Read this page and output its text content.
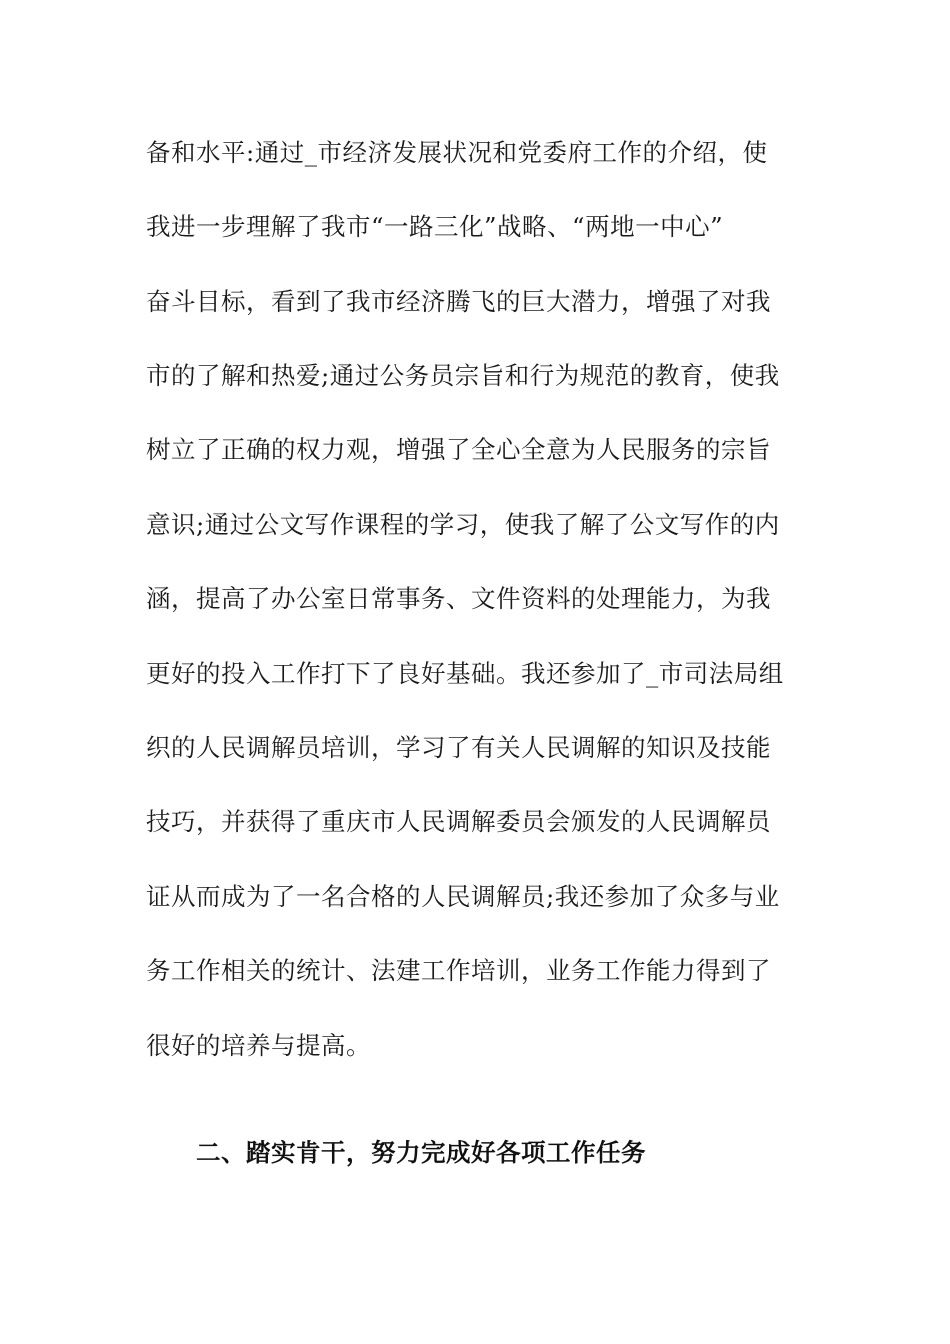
备和水平:通过_市经济发展状况和党委府工作的介绍，使
我进一步理解了我市“一路三化”战略、“两地一中心”
奋斗目标，看到了我市经济腾飞的巨大潜力，增强了对我
市的了解和热爱;通过公务员宗旨和行为规范的教育，使我
树立了正确的权力观，增强了全心全意为人民服务的宗旨
意识;通过公文写作课程的学习，使我了解了公文写作的内
涵，提高了办公室日常事务、文件资料的处理能力，为我
更好的投入工作打下了良好基础。我还参加了_市司法局组
织的人民调解员培训，学习了有关人民调解的知识及技能
技巧，并获得了重庆市人民调解委员会颁发的人民调解员
证从而成为了一名合格的人民调解员;我还参加了众多与业
务工作相关的统计、法建工作培训，业务工作能力得到了
很好的培养与提高。
二、踏实肯干，努力完成好各项工作任务
